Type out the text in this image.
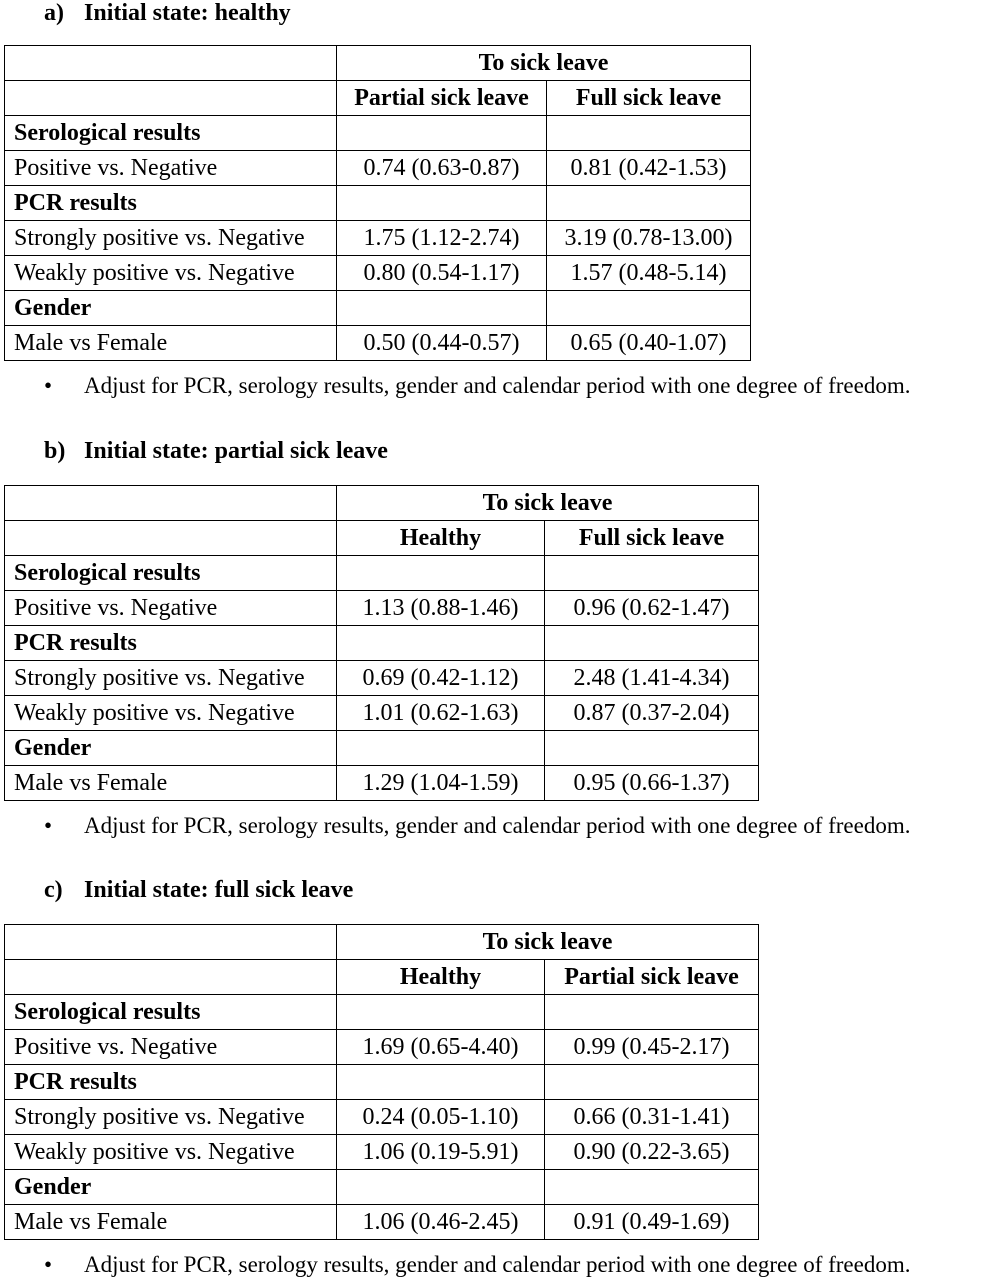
a) Initial state: healthy
	To sick leave	
	Partial sick leave	Full sick leave
Serological results		
Positive vs. Negative	0.74 (0.63-0.87)	0.81 (0.42-1.53)
PCR results		
Strongly positive vs. Negative	1.75 (1.12-2.74)	3.19 (0.78-13.00)
Weakly positive vs. Negative	0.80 (0.54-1.17)	1.57 (0.48-5.14)
Gender		
Male vs Female	0.50 (0.44-0.57)	0.65 (0.40-1.07)
• Adjust for PCR, serology results, gender and calendar period with one degree of freedom.
b) Initial state: partial sick leave
	To sick leave	
	Healthy	Full sick leave
Serological results		
Positive vs. Negative	1.13 (0.88-1.46)	0.96 (0.62-1.47)
PCR results		
Strongly positive vs. Negative	0.69 (0.42-1.12)	2.48 (1.41-4.34)
Weakly positive vs. Negative	1.01 (0.62-1.63)	0.87 (0.37-2.04)
Gender		
Male vs Female	1.29 (1.04-1.59)	0.95 (0.66-1.37)
• Adjust for PCR, serology results, gender and calendar period with one degree of freedom.
c) Initial state: full sick leave
	To sick leave	
	Healthy	Partial sick leave
Serological results		
Positive vs. Negative	1.69 (0.65-4.40)	0.99 (0.45-2.17)
PCR results		
Strongly positive vs. Negative	0.24 (0.05-1.10)	0.66 (0.31-1.41)
Weakly positive vs. Negative	1.06 (0.19-5.91)	0.90 (0.22-3.65)
Gender		
Male vs Female	1.06 (0.46-2.45)	0.91 (0.49-1.69)
• Adjust for PCR, serology results, gender and calendar period with one degree of freedom.
